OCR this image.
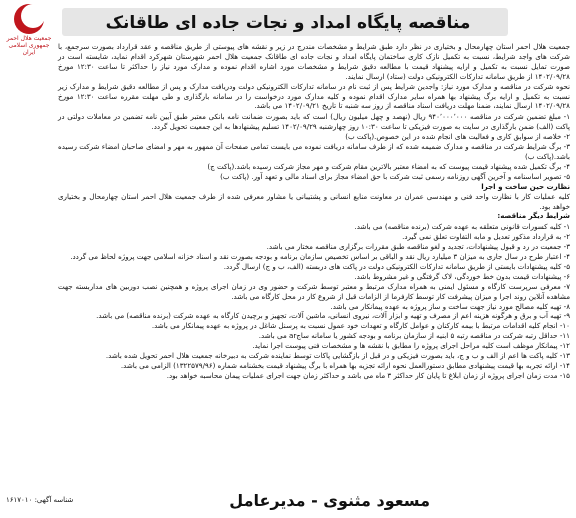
مناقصه پایگاه امداد و نجات جاده ای طاقانک
جمعیت هلال احمر
جمهوری اسلامی ایران

جمعیت هلال احمر استان چهارمحال و بختیاری در نظر دارد طبق شرایط و مشخصات مندرج در زیر و نقشه های پیوستی از طریق مناقصه و عقد قرارداد بصورت سرجمع، با شرکت های واجد شرایط، نسبت به تکمیل نازک کاری ساختمان پایگاه امداد و نجات جاده ای طاقانک جمعیت هلال احمر شهرستان شهرکرد اقدام نماید، شایسته است در صورت تمایل نسبت به تکمیل و ارایه پیشنهاد قیمت با مطالعه دقیق شرایط و مشخصات مورد اشاره اقدام نموده و مدارک مورد نیاز را حداکثر تا ساعت ۱۲:۳۰ مورخ ۱۴۰۲/۰۹/۲۸ از طریق سامانه تدارکات الکترونیکی دولت (ستاد) ارسال نمایند.

نحوه شرکت در مناقصه و مدارک مورد نیاز: واجدین شرایط پس از ثبت نام در سامانه تدارکات الکترونیکی دولت ودریافت مدارک و پس از مطالعه دقیق شرایط و مدارک زیر نسبت به تکمیل و ارایه برگ پیشنهاد بها همراه سایر مدارک اقدام نموده و کلیه مدارک مورد درخواست را در سامانه بارگذاری و طی مهلت مقرره ساعت ۱۲:۳۰ مورخ ۱۴۰۲/۰۹/۲۸ ارسال نمایند، ضمنا مهلت دریافت اسناد مناقصه از روز سه شنبه تا تاریخ ۱۴۰۲/۰۹/۲۱ می باشد.

۱- مبلغ تضمین شرکت در مناقصه ۹۴۰٬۰۰۰٬۰۰۰ ریال (نهصد و چهل میلیون ریال) است که باید بصورت ضمانت نامه بانکی معتبر طبق آیین نامه تضمین در معاملات دولتی در پاکت (الف) ضمن بارگذاری در سایت به صورت فیزیکی تا ساعت ۱۰:۳۰ روز چهارشنبه ۱۴۰۲/۰۹/۲۹ تسلیم پیشنهادها به این جمعیت تحویل گردد.

۲- خلاصه از سوابق کاری و فعالیت های انجام شده در این خصوص.(پاکت ب)

۳- برگ شرایط شرکت در مناقصه و مدارک ضمیمه شده که از طرف سامانه دریافت نموده می بایست تمامی صفحات آن ممهور به مهر و امضای صاحبان امضاء شرکت رسیده باشد.(پاکت ب)

۴- برگ تکمیل شده پیشنهاد قیمت پیوست که به امضاء معتبر بالاترین مقام شرکت و مهر مجاز شرکت رسیده باشد.(پاکت ج)

۵- تصویر اساسنامه و آخرین آگهی روزنامه رسمی ثبت شرکت با حق امضاء مجاز برای اسناد مالی و تعهد آور. (پاکت ب)

نظارت حین ساخت و اجرا

کلیه عملیات کار با نظارت واحد فنی و مهندسی عمران در معاونت منابع انسانی و پشتیبانی یا مشاور معرفی شده از طرف جمعیت هلال احمر استان چهارمحال و بختیاری خواهد بود.

شرایط دیگر مناقصه:

۱- کلیه کسورات قانونی متعلقه به عهده شرکت (برنده مناقصه) می باشد.

۲- به قرارداد مذکور تعدیل و مابه التفاوت تعلق نمی گیرد.

۳- جمعیت در رد و قبول پیشنهادات، تجدید و لغو مناقصه طبق مقررات برگزاری مناقصه مختار می باشد.

۴- اعتبار طرح در سال جاری به میزان ۳ میلیارد ریال نقد و الباقی بر اساس تخصیص سازمان برنامه و بودجه بصورت نقد و اسناد خزانه اسلامی جهت پروژه لحاظ می گردد.

۵- کلیه پیشنهادات بایستی از طریق سامانه تدارکات الکترونیکی دولت در پاکت های دربسته (الف، ب و ج) ارسال گردد.

۶- پیشنهادات قیمت بدون خط خوردگی، لاک گرفتگی و غیر مشروط باشد.

۷- معرفی سرپرست کارگاه و مسئول ایمنی به همراه مدارک مرتبط و معتبر توسط شرکت و حضور وی در زمان اجرای پروژه و همچنین نصب دوربین های مداربسته جهت مشاهده آنلاین روند اجرا و میزان پیشرفت کار توسط کارفرما از الزامات قبل از شروع کار در محل کارگاه می باشد.

۸- تهیه کلیه مصالح مورد نیاز جهت ساخت و ساز پروژه به عهده پیمانکار می باشد.

۹- تهیه آب و برق و هرگونه هزینه اعم از مصرف و تهیه و ابزار آلات، نیروی انسانی، ماشین آلات، تجهیز و برچیدن کارگاه به عهده شرکت (برنده مناقصه) می باشد.

۱۰- انجام کلیه اقدامات مرتبط با بیمه کارکنان و عوامل کارگاه و تعهدات خود عمول نسبت به پرسنل شاغل در پروژه به عهده پیمانکار می باشد.

۱۱- حداقل رتبه شرکت در مناقصه رتبه ۵ ابنیه از سازمان برنامه و بودجه کشور یا سامانه ساجar می باشد.

۱۲- پیمانکار موظف است کلیه مراحل اجرای پروژه را مطابق با نقشه ها و مشخصات فنی پیوست اجرا نماید.

۱۳- کلیه پاکت ها اعم از الف و ب و ج، باید بصورت فیزیکی و در قبل از بازگشایی پاکات توسط نماینده شرکت به دبیرخانه جمعیت هلال احمر تحویل شده باشد.

۱۴- ارائه تجربه بها قیمت پیشنهادی مطابق دستورالعمل نحوه ارائه تجزیه بها همراه با برگ پیشنهاد قیمت بخشنامه شماره (۱۳۲۲۵۷۹/۹۶) الزامی می باشد.

۱۵- مدت زمان اجرای پروژه از زمان ابلاغ تا پایان کار حداکثر ۳ ماه می باشد و حداکثر زمان جهت اجرای عملیات پیمان محاسبه خواهد بود.

مسعود مثنوی - مدیرعامل
شناسه آگهی: ۱۶۱۷۰۱۰
